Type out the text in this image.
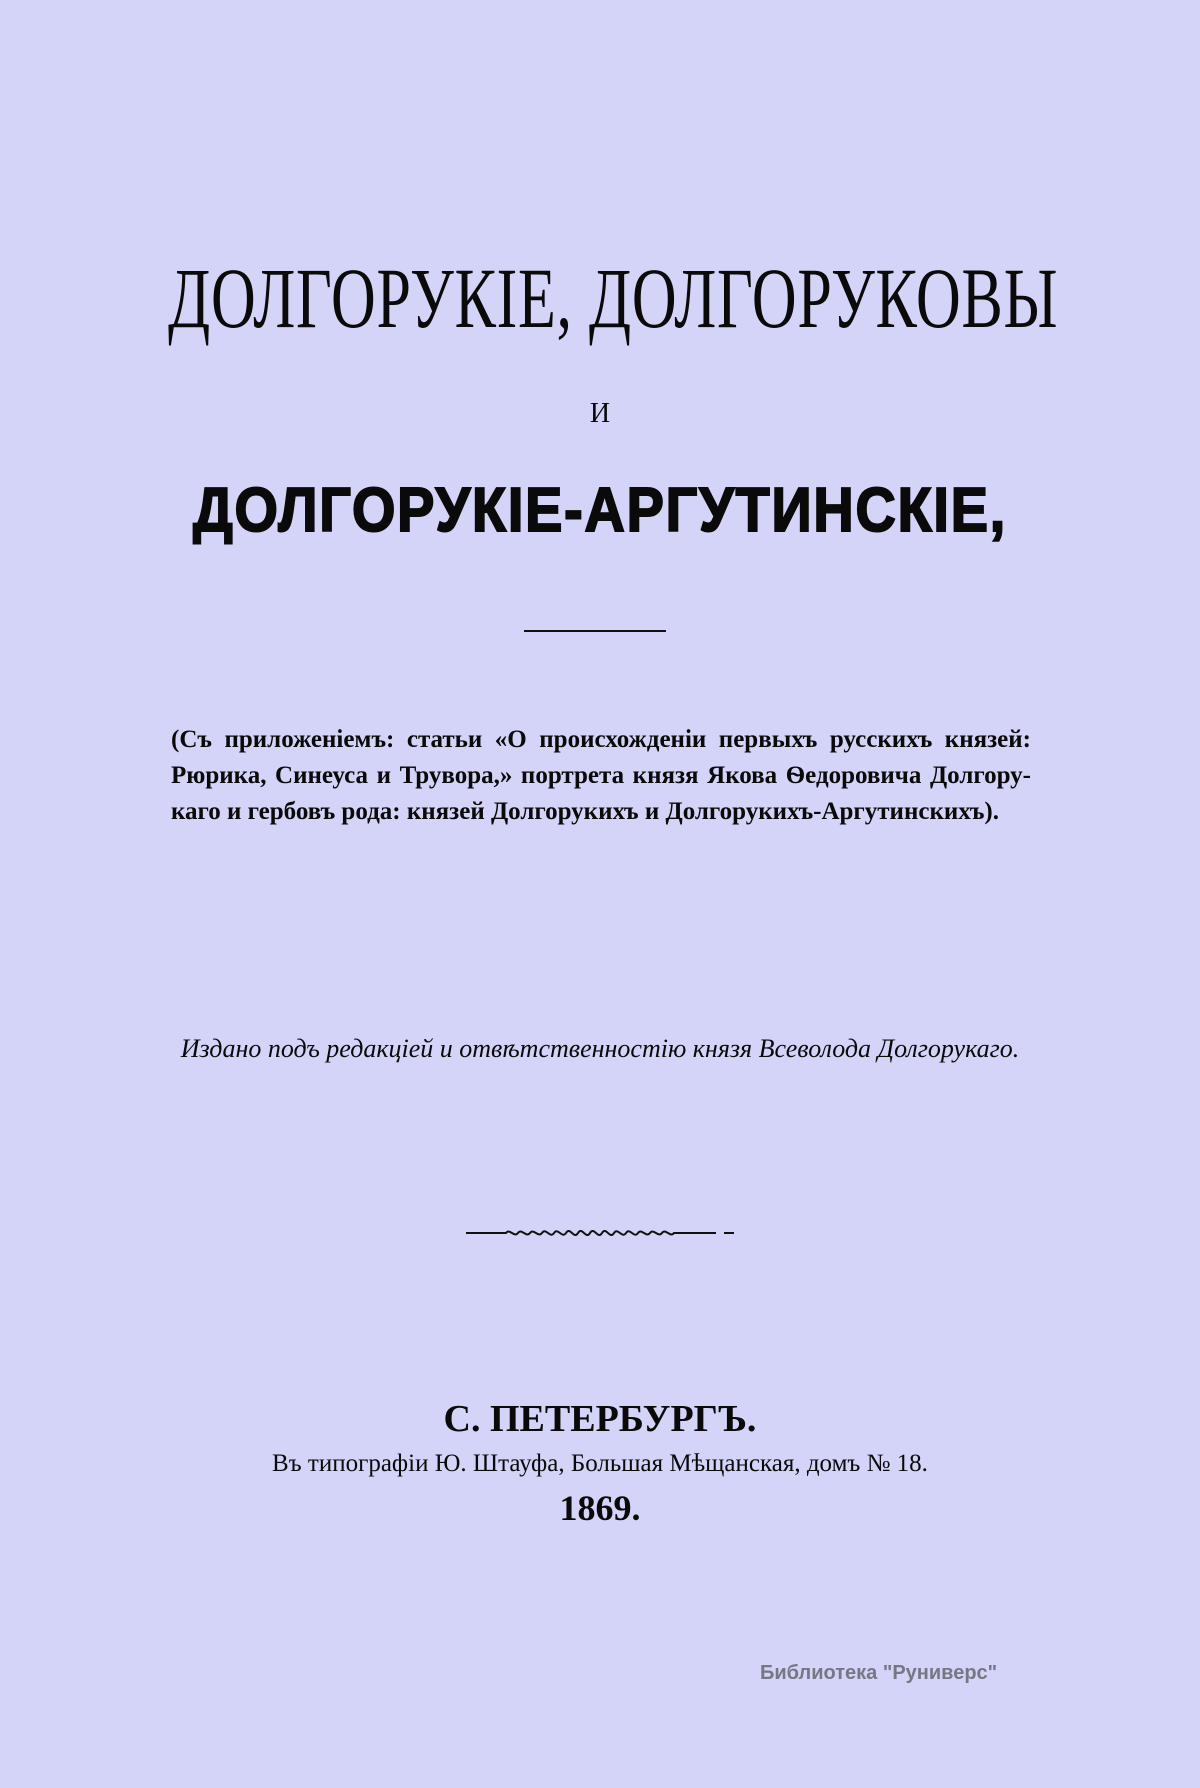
ДОЛГОРУКІЕ, ДОЛГОРУКОВЫ
И
ДОЛГОРУКІЕ-АРГУТИНСКІЕ,
(Съ приложеніемъ: статьи «О происхожденіи первыхъ русскихъ князей:
Рюрика, Синеуса и Трувора,» портрета князя Якова Ѳедоровича Долгору-
каго и гербовъ рода: князей Долгорукихъ и Долгорукихъ-Аргутинскихъ).
Издано подъ редакціей и отвѣтственностію князя Всеволода Долгорукаго.
С. ПЕТЕРБУРГЪ.
Въ типографіи Ю. Штауфа, Большая Мѣщанская, домъ № 18.
1869.
Библиотека "Руниверс"
